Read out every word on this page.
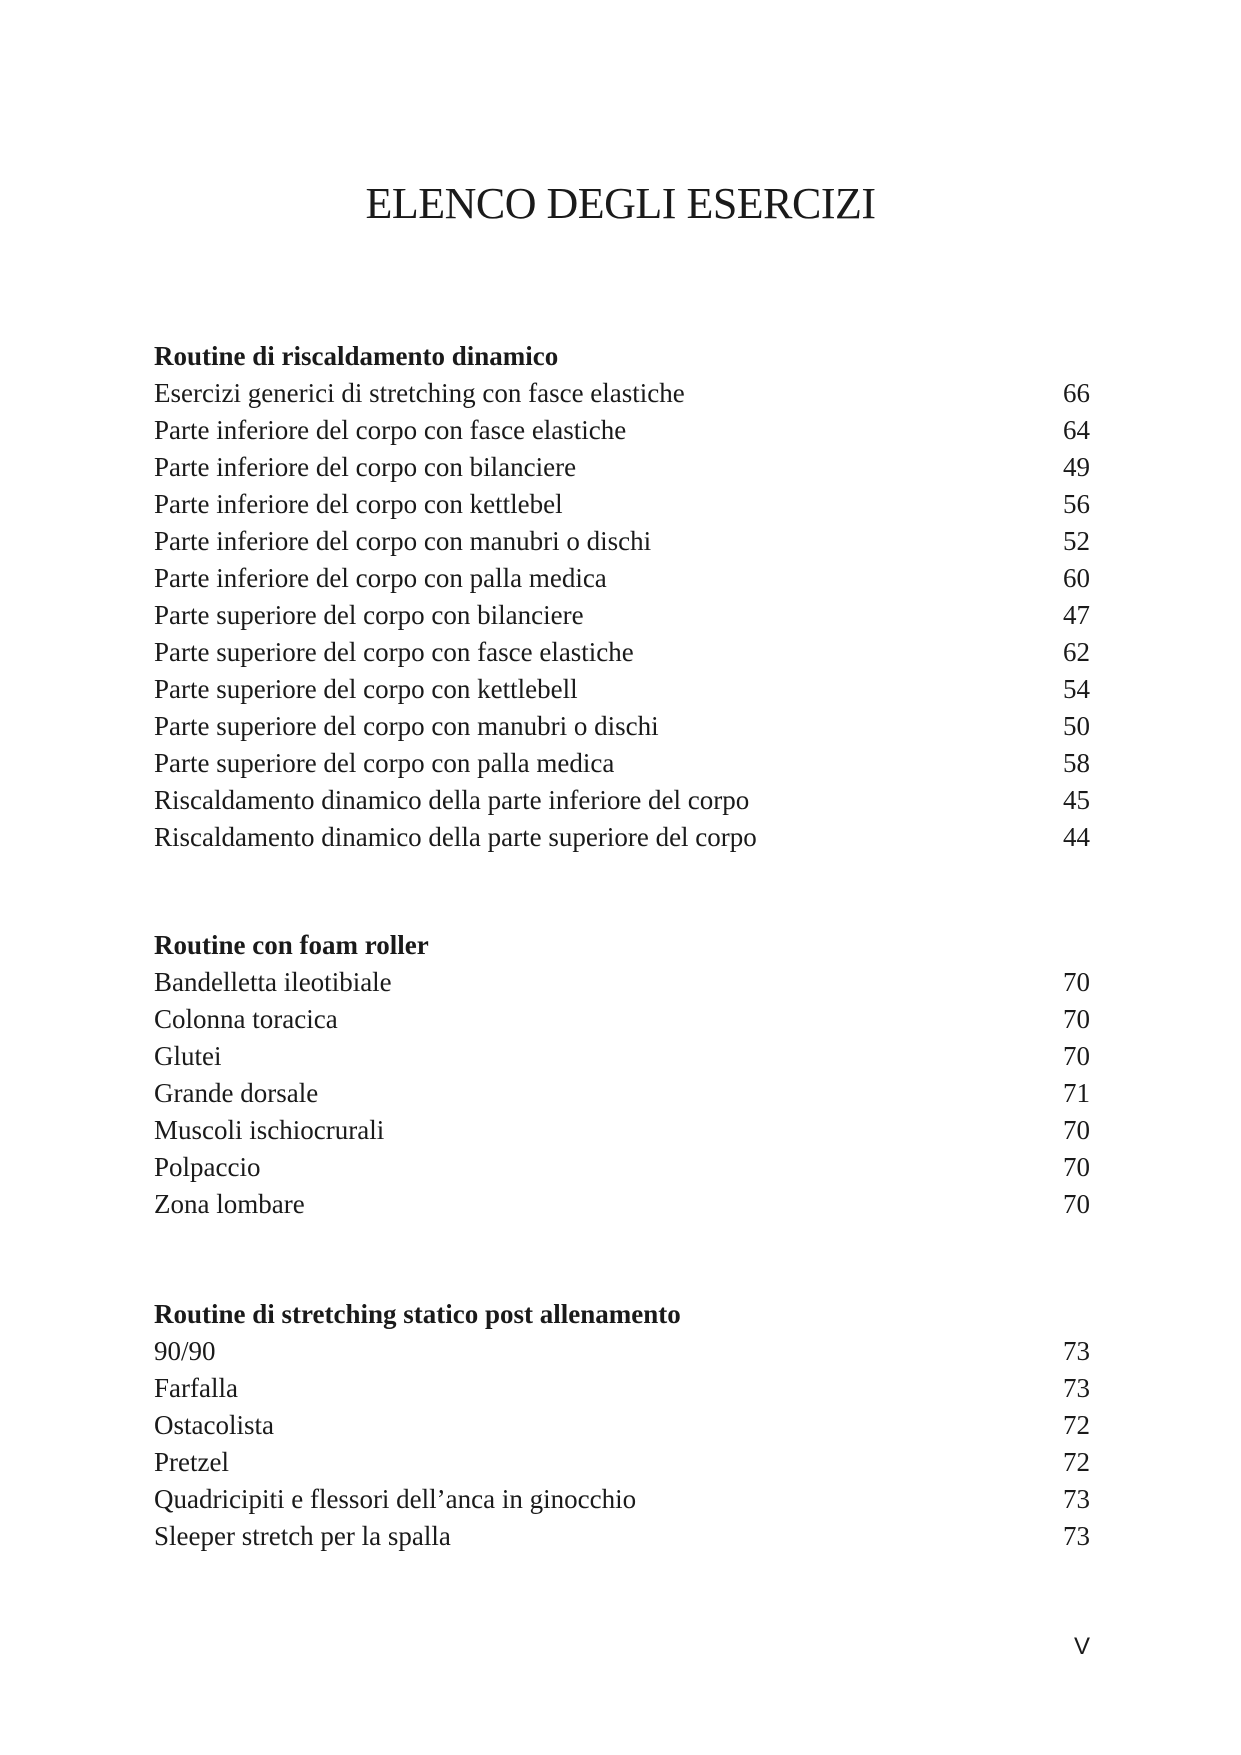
ELENCO DEGLI ESERCIZI
Routine di riscaldamento dinamico
Esercizi generici di stretching con fasce elastiche	66
Parte inferiore del corpo con fasce elastiche	64
Parte inferiore del corpo con bilanciere	49
Parte inferiore del corpo con kettlebel	56
Parte inferiore del corpo con manubri o dischi	52
Parte inferiore del corpo con palla medica	60
Parte superiore del corpo con bilanciere	47
Parte superiore del corpo con fasce elastiche	62
Parte superiore del corpo con kettlebell	54
Parte superiore del corpo con manubri o dischi	50
Parte superiore del corpo con palla medica	58
Riscaldamento dinamico della parte inferiore del corpo	45
Riscaldamento dinamico della parte superiore del corpo	44
Routine con foam roller
Bandelletta ileotibiale	70
Colonna toracica	70
Glutei	70
Grande dorsale	71
Muscoli ischiocrurali	70
Polpaccio	70
Zona lombare	70
Routine di stretching statico post allenamento
90/90	73
Farfalla	73
Ostacolista	72
Pretzel	72
Quadricipiti e flessori dell’anca in ginocchio	73
Sleeper stretch per la spalla	73
V
